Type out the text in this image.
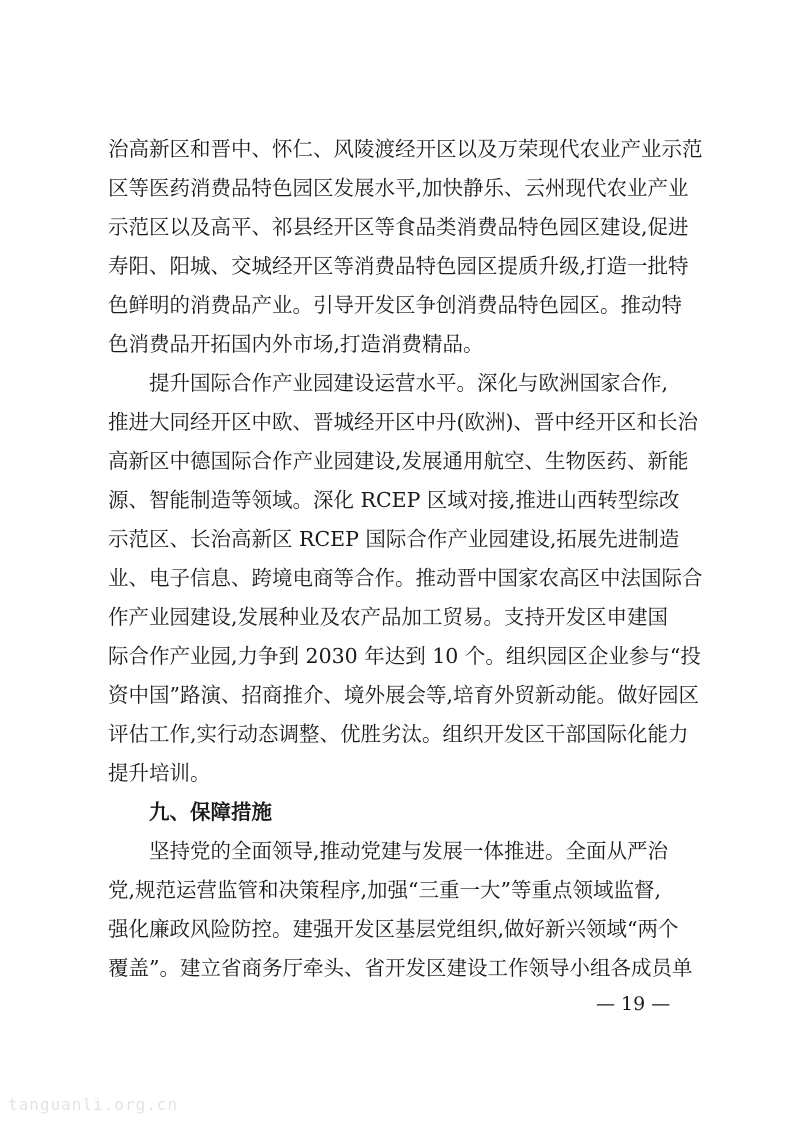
治高新区和晋中、怀仁、风陵渡经开区以及万荣现代农业产业示范
区等医药消费品特色园区发展水平,加快静乐、云州现代农业产业
示范区以及高平、祁县经开区等食品类消费品特色园区建设,促进
寿阳、阳城、交城经开区等消费品特色园区提质升级,打造一批特
色鲜明的消费品产业。引导开发区争创消费品特色园区。推动特
色消费品开拓国内外市场,打造消费精品。

提升国际合作产业园建设运营水平。深化与欧洲国家合作,
推进大同经开区中欧、晋城经开区中丹(欧洲)、晋中经开区和长治
高新区中德国际合作产业园建设,发展通用航空、生物医药、新能
源、智能制造等领域。深化 RCEP 区域对接,推进山西转型综改
示范区、长治高新区 RCEP 国际合作产业园建设,拓展先进制造
业、电子信息、跨境电商等合作。推动晋中国家农高区中法国际合
作产业园建设,发展种业及农产品加工贸易。支持开发区申建国
际合作产业园,力争到 2030 年达到 10 个。组织园区企业参与“投
资中国”路演、招商推介、境外展会等,培育外贸新动能。做好园区
评估工作,实行动态调整、优胜劣汰。组织开发区干部国际化能力
提升培训。

九、保障措施

坚持党的全面领导,推动党建与发展一体推进。全面从严治
党,规范运营监管和决策程序,加强“三重一大”等重点领域监督,
强化廉政风险防控。建强开发区基层党组织,做好新兴领域“两个
覆盖”。建立省商务厅牵头、省开发区建设工作领导小组各成员单

— 19 —
tanguanli.org.cn
